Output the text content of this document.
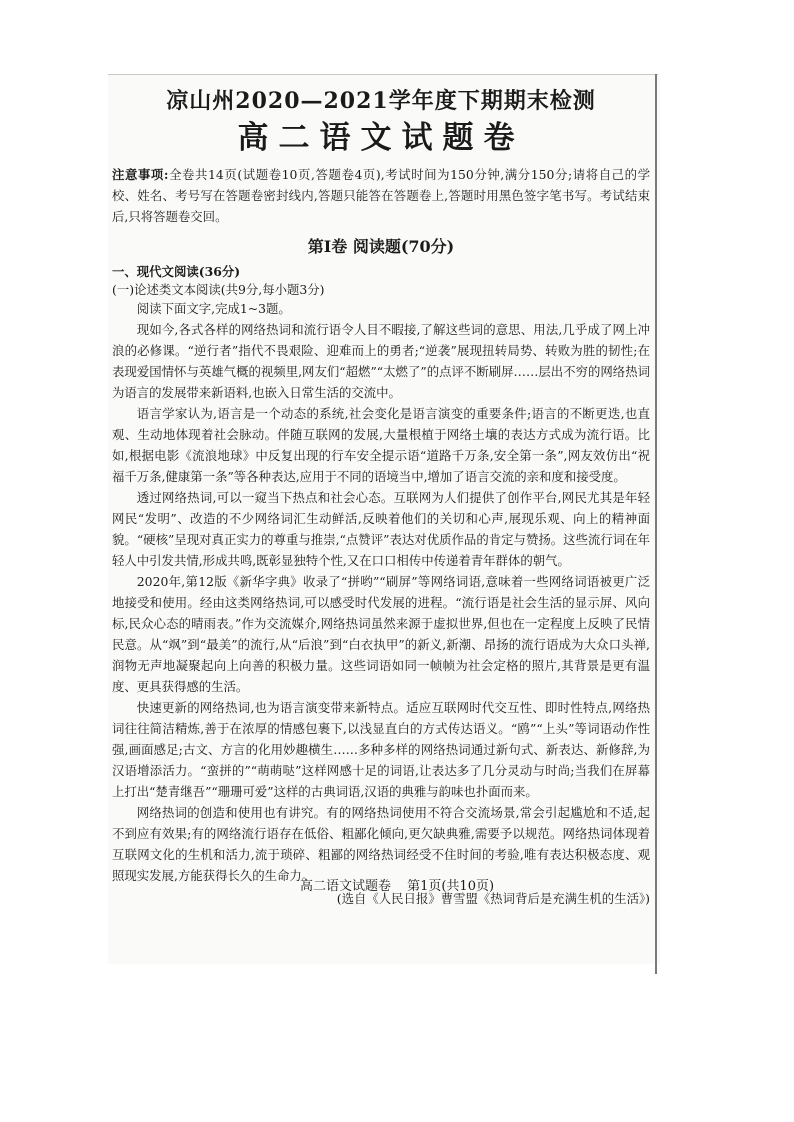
凉山州2020—2021学年度下期期末检测
高二语文试题卷

注意事项:全卷共14页(试题卷10页,答题卷4页),考试时间为150分钟,满分150分;请将自己的学校、姓名、考号写在答题卷密封线内,答题只能答在答题卷上,答题时用黑色签字笔书写。考试结束后,只将答题卷交回。

第Ⅰ卷 阅读题(70分)

一、现代文阅读(36分)

(一)论述类文本阅读(共9分,每小题3分)

阅读下面文字,完成1~3题。

现如今,各式各样的网络热词和流行语令人目不暇接,了解这些词的意思、用法,几乎成了网上冲浪的必修课。“逆行者”指代不畏艰险、迎难而上的勇者;“逆袭”展现扭转局势、转败为胜的韧性;在表现爱国情怀与英雄气概的视频里,网友们“超燃”“太燃了”的点评不断刷屏……层出不穷的网络热词为语言的发展带来新语料,也嵌入日常生活的交流中。

语言学家认为,语言是一个动态的系统,社会变化是语言演变的重要条件;语言的不断更迭,也直观、生动地体现着社会脉动。伴随互联网的发展,大量根植于网络土壤的表达方式成为流行语。比如,根据电影《流浪地球》中反复出现的行车安全提示语“道路千万条,安全第一条”,网友效仿出“祝福千万条,健康第一条”等各种表达,应用于不同的语境当中,增加了语言交流的亲和度和接受度。

透过网络热词,可以一窥当下热点和社会心态。互联网为人们提供了创作平台,网民尤其是年轻网民“发明”、改造的不少网络词汇生动鲜活,反映着他们的关切和心声,展现乐观、向上的精神面貌。“硬核”呈现对真正实力的尊重与推崇,“点赞评”表达对优质作品的肯定与赞扬。这些流行词在年轻人中引发共情,形成共鸣,既彰显独特个性,又在口口相传中传递着青年群体的朝气。

2020年,第12版《新华字典》收录了“拼哟”“刷屏”等网络词语,意味着一些网络词语被更广泛地接受和使用。经由这类网络热词,可以感受时代发展的进程。“流行语是社会生活的显示屏、风向标,民众心态的晴雨表。”作为交流媒介,网络热词虽然来源于虚拟世界,但也在一定程度上反映了民情民意。从“飒”到“最美”的流行,从“后浪”到“白衣执甲”的新义,新潮、昂扬的流行语成为大众口头禅,润物无声地凝聚起向上向善的积极力量。这些词语如同一帧帧为社会定格的照片,其背景是更有温度、更具获得感的生活。

快速更新的网络热词,也为语言演变带来新特点。适应互联网时代交互性、即时性特点,网络热词往往简洁精炼,善于在浓厚的情感包裹下,以浅显直白的方式传达语义。“鸥”“上头”等词语动作性强,画面感足;古文、方言的化用妙趣横生……多种多样的网络热词通过新句式、新表达、新修辞,为汉语增添活力。“蛮拼的”“萌萌哒”这样网感十足的词语,让表达多了几分灵动与时尚;当我们在屏幕上打出“楚青继吾”“珊珊可爱”这样的古典词语,汉语的典雅与韵味也扑面而来。

网络热词的创造和使用也有讲究。有的网络热词使用不符合交流场景,常会引起尴尬和不适,起不到应有效果;有的网络流行语存在低俗、粗鄙化倾向,更欠缺典雅,需要予以规范。网络热词体现着互联网文化的生机和活力,流于琐碎、粗鄙的网络热词经受不住时间的考验,唯有表达积极态度、观照现实发展,方能获得长久的生命力。

(选自《人民日报》曹雪盟《热词背后是充满生机的生活》)

高二语文试题卷 第1页(共10页)
